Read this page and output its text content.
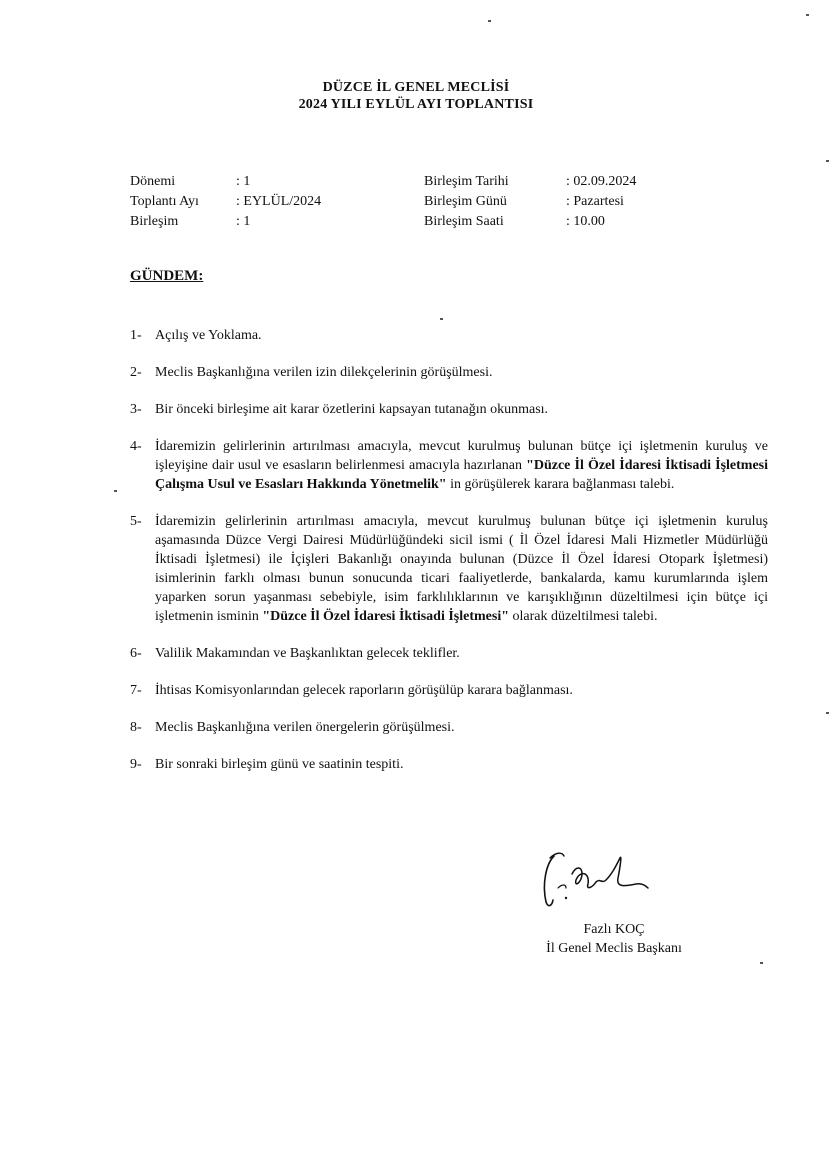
DÜZCE İL GENEL MECLİSİ
2024 YILI EYLÜL AYI TOPLANTISI
Dönemi	: 1
Toplantı Ayı	: EYLÜL/2024
Birleşim	: 1
Birleşim Tarihi	: 02.09.2024
Birleşim Günü	: Pazartesi
Birleşim Saati	: 10.00
GÜNDEM:
1- Açılış ve Yoklama.
2- Meclis Başkanlığına verilen izin dilekçelerinin görüşülmesi.
3- Bir önceki birleşime ait karar özetlerini kapsayan tutanağın okunması.
4- İdaremizin gelirlerinin artırılması amacıyla, mevcut kurulmuş bulunan bütçe içi işletmenin kuruluş ve işleyişine dair usul ve esasların belirlenmesi amacıyla hazırlanan "Düzce İl Özel İdaresi İktisadi İşletmesi Çalışma Usul ve Esasları Hakkında Yönetmelik" in görüşülerek karara bağlanması talebi.
5- İdaremizin gelirlerinin artırılması amacıyla, mevcut kurulmuş bulunan bütçe içi işletmenin kuruluş aşamasında Düzce Vergi Dairesi Müdürlüğündeki sicil ismi ( İl Özel İdaresi Mali Hizmetler Müdürlüğü İktisadi İşletmesi) ile İçişleri Bakanlığı onayında bulunan (Düzce İl Özel İdaresi Otopark İşletmesi) isimlerinin farklı olması bunun sonucunda ticari faaliyetlerde, bankalarda, kamu kurumlarında işlem yaparken sorun yaşanması sebebiyle, isim farklılıklarının ve karışıklığının düzeltilmesi için bütçe içi işletmenin isminin "Düzce İl Özel İdaresi İktisadi İşletmesi" olarak düzeltilmesi talebi.
6- Valilik Makamından ve Başkanlıktan gelecek teklifler.
7- İhtisas Komisyonlarından gelecek raporların görüşülüp karara bağlanması.
8- Meclis Başkanlığına verilen önergelerin görüşülmesi.
9- Bir sonraki birleşim günü ve saatinin tespiti.
Fazlı KOÇ
İl Genel Meclis Başkanı
